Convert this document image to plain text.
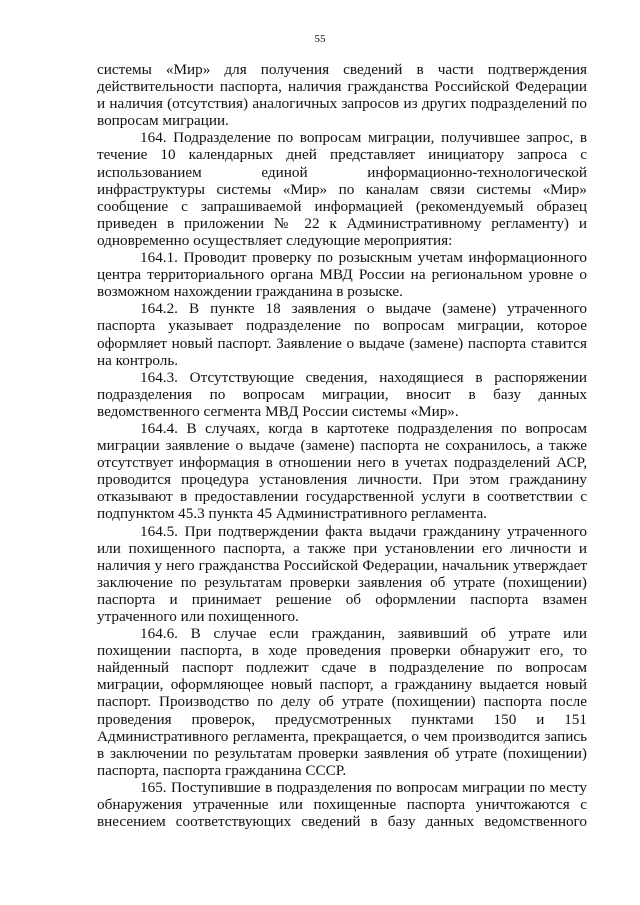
55

системы «Мир» для получения сведений в части подтверждения действительности паспорта, наличия гражданства Российской Федерации и наличия (отсутствия) аналогичных запросов из других подразделений по вопросам миграции.

164. Подразделение по вопросам миграции, получившее запрос, в течение 10 календарных дней представляет инициатору запроса с использованием единой информационно-технологической инфраструктуры системы «Мир» по каналам связи системы «Мир» сообщение с запрашиваемой информацией (рекомендуемый образец приведен в приложении № 22 к Административному регламенту) и одновременно осуществляет следующие мероприятия:

164.1. Проводит проверку по розыскным учетам информационного центра территориального органа МВД России на региональном уровне о возможном нахождении гражданина в розыске.

164.2. В пункте 18 заявления о выдаче (замене) утраченного паспорта указывает подразделение по вопросам миграции, которое оформляет новый паспорт. Заявление о выдаче (замене) паспорта ставится на контроль.

164.3. Отсутствующие сведения, находящиеся в распоряжении подразделения по вопросам миграции, вносит в базу данных ведомственного сегмента МВД России системы «Мир».

164.4. В случаях, когда в картотеке подразделения по вопросам миграции заявление о выдаче (замене) паспорта не сохранилось, а также отсутствует информация в отношении него в учетах подразделений АСР, проводится процедура установления личности. При этом гражданину отказывают в предоставлении государственной услуги в соответствии с подпунктом 45.3 пункта 45 Административного регламента.

164.5. При подтверждении факта выдачи гражданину утраченного или похищенного паспорта, а также при установлении его личности и наличия у него гражданства Российской Федерации, начальник утверждает заключение по результатам проверки заявления об утрате (похищении) паспорта и принимает решение об оформлении паспорта взамен утраченного или похищенного.

164.6. В случае если гражданин, заявивший об утрате или похищении паспорта, в ходе проведения проверки обнаружит его, то найденный паспорт подлежит сдаче в подразделение по вопросам миграции, оформляющее новый паспорт, а гражданину выдается новый паспорт. Производство по делу об утрате (похищении) паспорта после проведения проверок, предусмотренных пунктами 150 и 151 Административного регламента, прекращается, о чем производится запись в заключении по результатам проверки заявления об утрате (похищении) паспорта, паспорта гражданина СССР.

165. Поступившие в подразделения по вопросам миграции по месту обнаружения утраченные или похищенные паспорта уничтожаются с внесением соответствующих сведений в базу данных ведомственного
